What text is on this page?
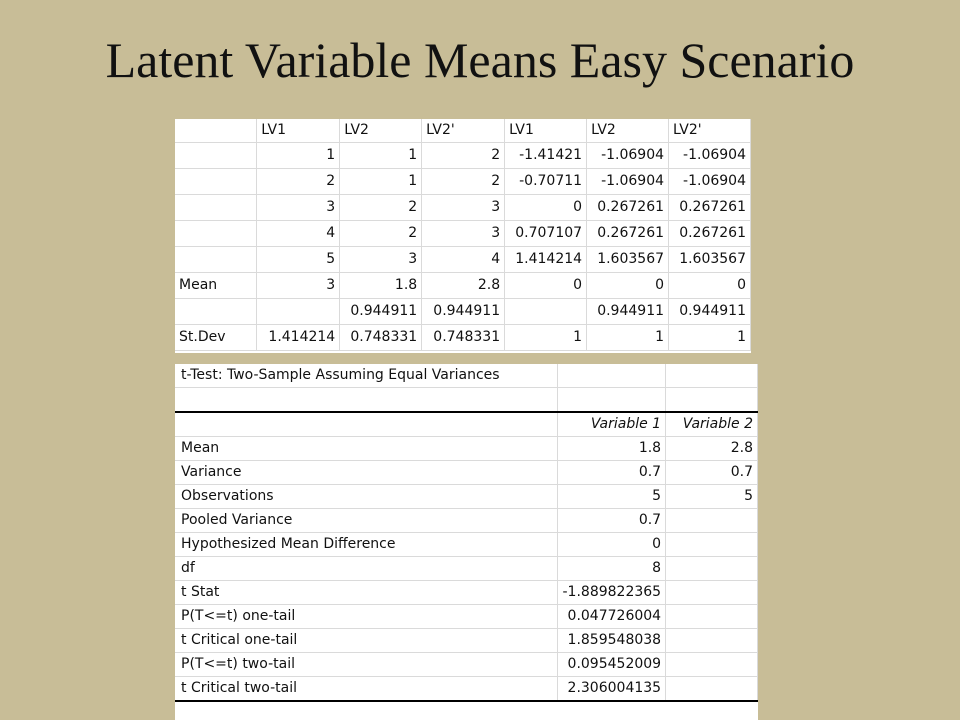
Latent Variable Means Easy Scenario
	LV1	LV2	LV2'	LV1	LV2	LV2'
	1	1	2	-1.41421	-1.06904	-1.06904
	2	1	2	-0.70711	-1.06904	-1.06904
	3	2	3	0	0.267261	0.267261
	4	2	3	0.707107	0.267261	0.267261
	5	3	4	1.414214	1.603567	1.603567
Mean	3	1.8	2.8	0	0	0
		0.944911	0.944911		0.944911	0.944911
St.Dev	1.414214	0.748331	0.748331	1	1	1
t-Test: Two-Sample Assuming Equal Variances		

	Variable 1	Variable 2
Mean	1.8	2.8
Variance	0.7	0.7
Observations	5	5
Pooled Variance	0.7	
Hypothesized Mean Difference	0	
df	8	
t Stat	-1.889822365	
P(T<=t) one-tail	0.047726004	
t Critical one-tail	1.859548038	
P(T<=t) two-tail	0.095452009	
t Critical two-tail	2.306004135	
